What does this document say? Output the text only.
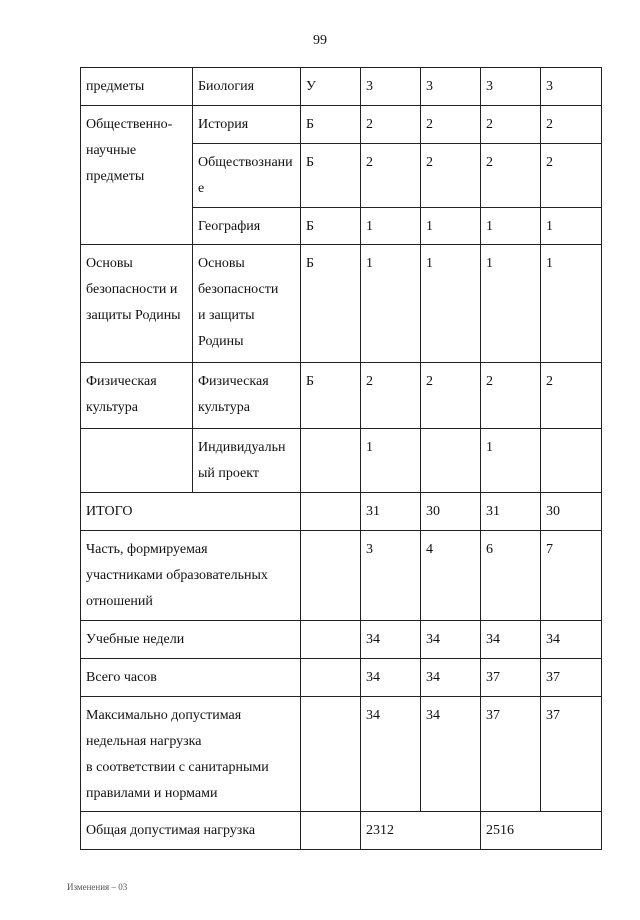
99
предметы	Биология	У	3	3	3	3
Общественно-
научные
предметы	История	Б	2	2	2	2
	Обществознани
е	Б	2	2	2	2
	География	Б	1	1	1	1
Основы
безопасности и
защиты Родины	Основы
безопасности
и защиты
Родины	Б	1	1	1	1
Физическая
культура	Физическая
культура	Б	2	2	2	2
	Индивидуальн
ый проект		1		1	
ИТОГО			31	30	31	30
Часть, формируемая
участниками образовательных
отношений			3	4	6	7
Учебные недели			34	34	34	34
Всего часов			34	34	37	37
Максимально допустимая
недельная нагрузка
в соответствии с санитарными
правилами и нормами			34	34	37	37
Общая допустимая нагрузка			2312		2516	
Изменения – 03
